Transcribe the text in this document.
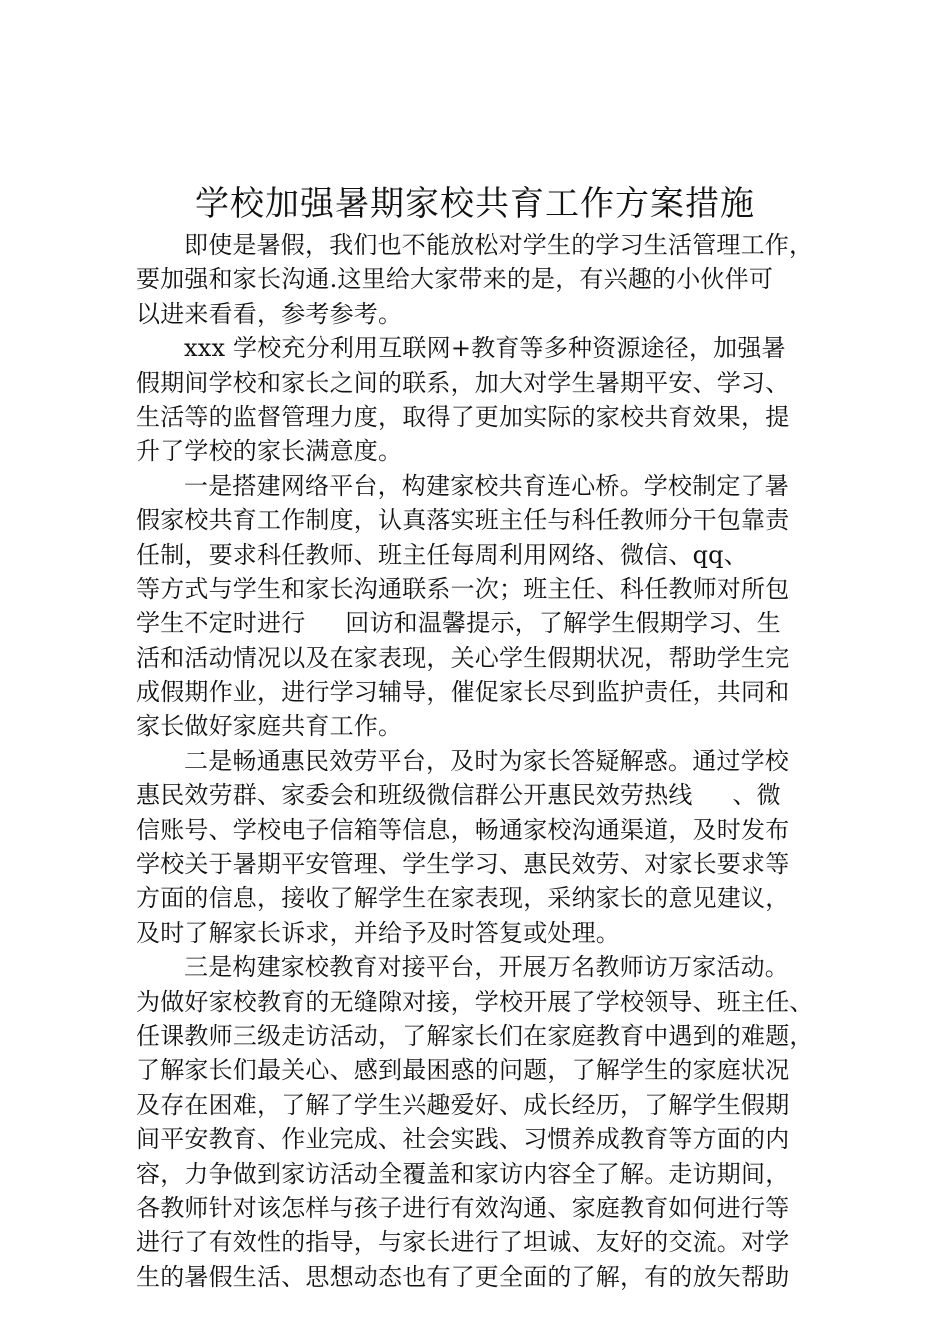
学校加强暑期家校共育工作方案措施
即使是暑假，我们也不能放松对学生的学习生活管理工作，
要加强和家长沟通.这里给大家带来的是，有兴趣的小伙伴可
以进来看看，参考参考。
xxx 学校充分利用互联网+教育等多种资源途径，加强暑
假期间学校和家长之间的联系，加大对学生暑期平安、学习、
生活等的监督管理力度，取得了更加实际的家校共育效果，提
升了学校的家长满意度。
一是搭建网络平台，构建家校共育连心桥。学校制定了暑
假家校共育工作制度，认真落实班主任与科任教师分干包靠责
任制，要求科任教师、班主任每周利用网络、微信、qq、
等方式与学生和家长沟通联系一次；班主任、科任教师对所包
学生不定时进行 　 回访和温馨提示，了解学生假期学习、生
活和活动情况以及在家表现，关心学生假期状况，帮助学生完
成假期作业，进行学习辅导，催促家长尽到监护责任，共同和
家长做好家庭共育工作。
二是畅通惠民效劳平台，及时为家长答疑解惑。通过学校
惠民效劳群、家委会和班级微信群公开惠民效劳热线 　 、微
信账号、学校电子信箱等信息，畅通家校沟通渠道，及时发布
学校关于暑期平安管理、学生学习、惠民效劳、对家长要求等
方面的信息，接收了解学生在家表现，采纳家长的意见建议，
及时了解家长诉求，并给予及时答复或处理。
三是构建家校教育对接平台，开展万名教师访万家活动。
为做好家校教育的无缝隙对接，学校开展了学校领导、班主任、
任课教师三级走访活动，了解家长们在家庭教育中遇到的难题，
了解家长们最关心、感到最困惑的问题，了解学生的家庭状况
及存在困难，了解了学生兴趣爱好、成长经历，了解学生假期
间平安教育、作业完成、社会实践、习惯养成教育等方面的内
容，力争做到家访活动全覆盖和家访内容全了解。走访期间，
各教师针对该怎样与孩子进行有效沟通、家庭教育如何进行等
进行了有效性的指导，与家长进行了坦诚、友好的交流。对学
生的暑假生活、思想动态也有了更全面的了解，有的放矢帮助
